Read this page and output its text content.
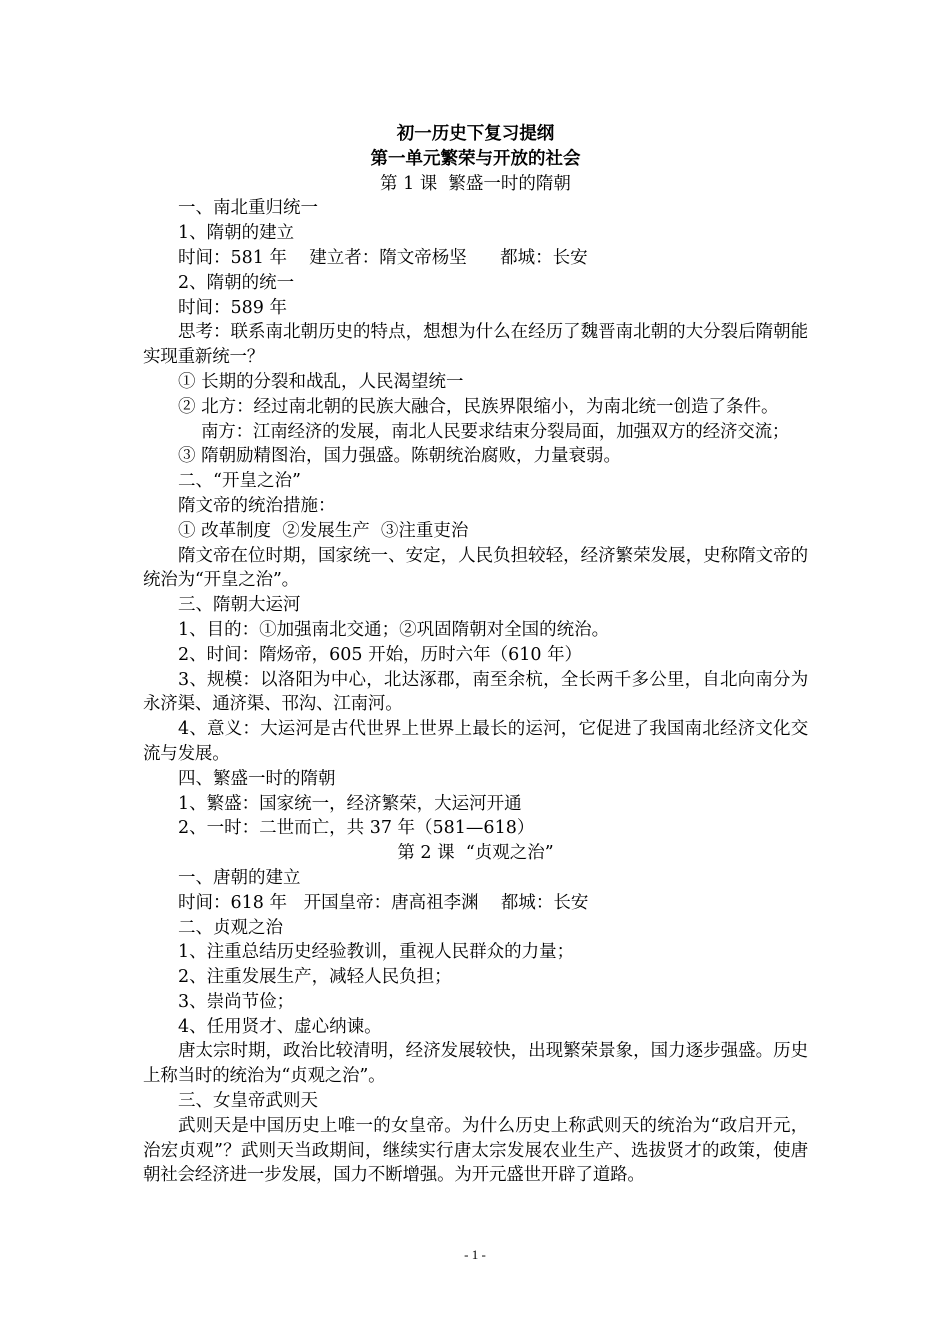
初一历史下复习提纲
第一单元繁荣与开放的社会
第 1 课  繁盛一时的隋朝
一、南北重归统一
1、隋朝的建立
时间：581 年    建立者：隋文帝杨坚      都城：长安
2、隋朝的统一
时间：589 年
思考：联系南北朝历史的特点，想想为什么在经历了魏晋南北朝的大分裂后隋朝能实现重新统一？
① 长期的分裂和战乱，人民渴望统一
② 北方：经过南北朝的民族大融合，民族界限缩小，为南北统一创造了条件。
南方：江南经济的发展，南北人民要求结束分裂局面，加强双方的经济交流；
③ 隋朝励精图治，国力强盛。陈朝统治腐败，力量衰弱。
二、“开皇之治”
隋文帝的统治措施：
① 改革制度  ②发展生产  ③注重吏治
隋文帝在位时期，国家统一、安定，人民负担较轻，经济繁荣发展，史称隋文帝的统治为“开皇之治”。
三、隋朝大运河
1、目的：①加强南北交通；②巩固隋朝对全国的统治。
2、时间：隋炀帝，605 开始，历时六年（610 年）
3、规模：以洛阳为中心，北达涿郡，南至余杭，全长两千多公里，自北向南分为永济渠、通济渠、邗沟、江南河。
4、意义：大运河是古代世界上世界上最长的运河，它促进了我国南北经济文化交流与发展。
四、繁盛一时的隋朝
1、繁盛：国家统一，经济繁荣，大运河开通
2、一时：二世而亡，共 37 年（581—618）
第 2 课  “贞观之治”
一、唐朝的建立
时间：618 年   开国皇帝：唐高祖李渊    都城：长安
二、贞观之治
1、注重总结历史经验教训，重视人民群众的力量；
2、注重发展生产，减轻人民负担；
3、崇尚节俭；
4、任用贤才、虚心纳谏。
唐太宗时期，政治比较清明，经济发展较快，出现繁荣景象，国力逐步强盛。历史上称当时的统治为“贞观之治”。
三、女皇帝武则天
武则天是中国历史上唯一的女皇帝。为什么历史上称武则天的统治为“政启开元，治宏贞观”？武则天当政期间，继续实行唐太宗发展农业生产、选拔贤才的政策，使唐朝社会经济进一步发展，国力不断增强。为开元盛世开辟了道路。
- 1 -
